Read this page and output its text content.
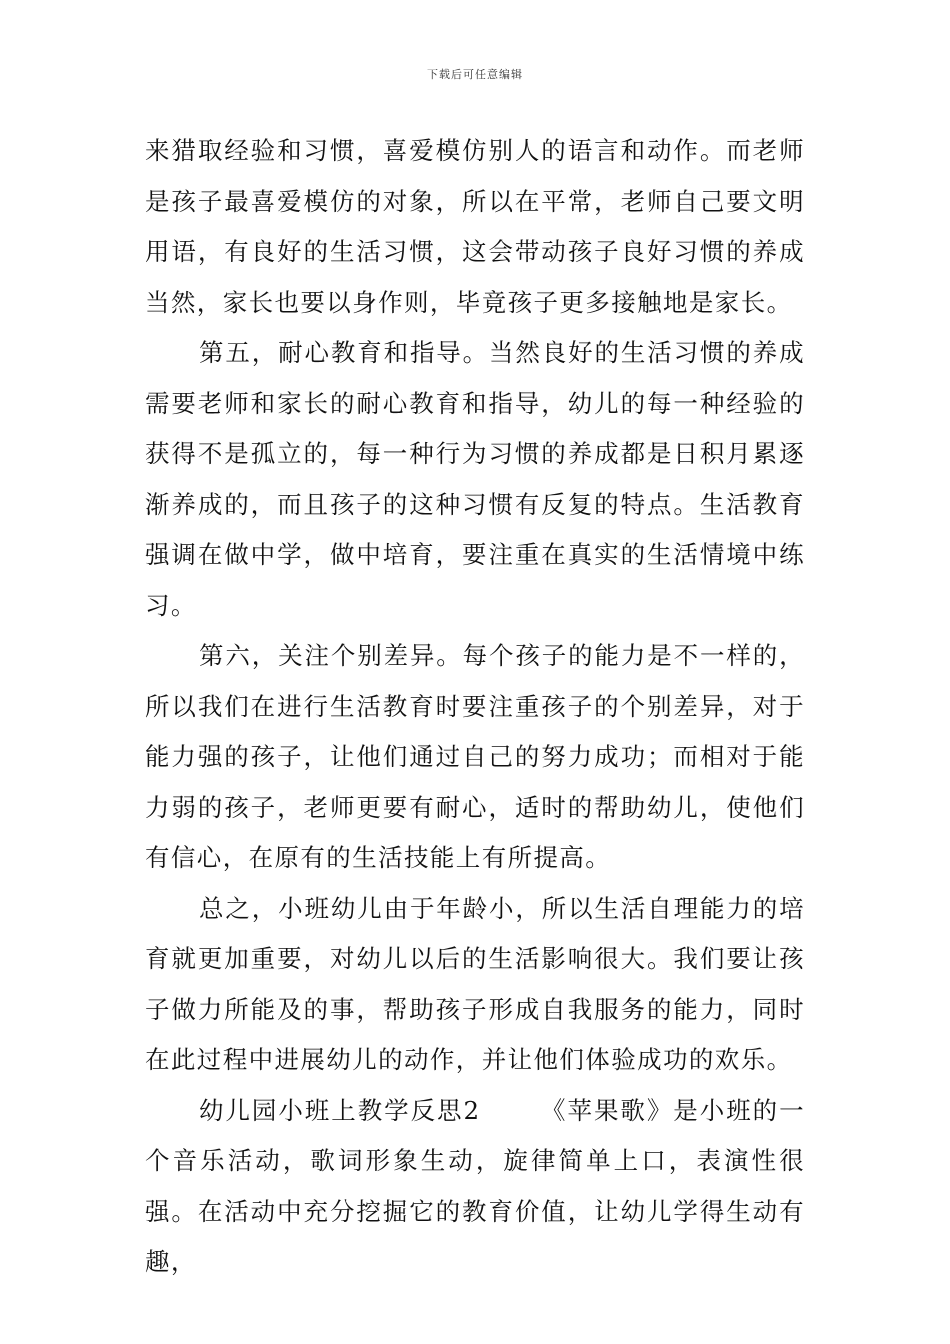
下载后可任意编辑

来猎取经验和习惯，喜爱模仿别人的语言和动作。而老师是孩子最喜爱模仿的对象，所以在平常，老师自己要文明用语，有良好的生活习惯，这会带动孩子良好习惯的养成当然，家长也要以身作则，毕竟孩子更多接触地是家长。

第五，耐心教育和指导。当然良好的生活习惯的养成需要老师和家长的耐心教育和指导，幼儿的每一种经验的获得不是孤立的，每一种行为习惯的养成都是日积月累逐渐养成的，而且孩子的这种习惯有反复的特点。生活教育强调在做中学，做中培育，要注重在真实的生活情境中练习。

第六，关注个别差异。每个孩子的能力是不一样的，所以我们在进行生活教育时要注重孩子的个别差异，对于能力强的孩子，让他们通过自己的努力成功；而相对于能力弱的孩子，老师更要有耐心，适时的帮助幼儿，使他们有信心，在原有的生活技能上有所提高。

总之，小班幼儿由于年龄小，所以生活自理能力的培育就更加重要，对幼儿以后的生活影响很大。我们要让孩子做力所能及的事，帮助孩子形成自我服务的能力，同时在此过程中进展幼儿的动作，并让他们体验成功的欢乐。

幼儿园小班上教学反思2 《苹果歌》是小班的一个音乐活动，歌词形象生动，旋律简单上口，表演性很强。在活动中充分挖掘它的教育价值，让幼儿学得生动有趣，
